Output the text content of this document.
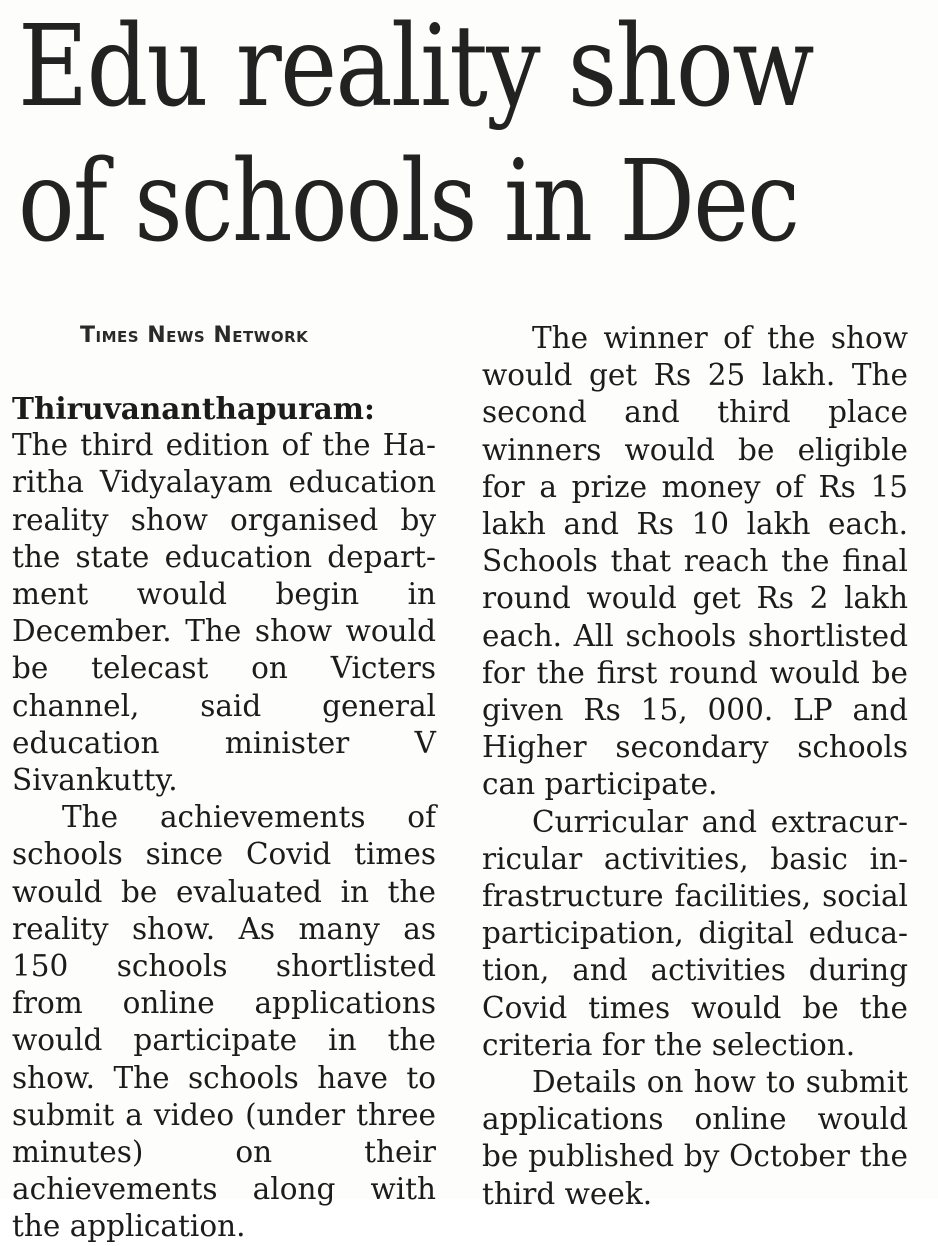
Edu reality show
of schools in Dec

Times News Network

Thiruvananthapuram:
The third edition of the Haritha Vidyalayam education reality show organised by the state education department would begin in December. The show would be telecast on Victers channel, said general education minister V Sivankutty.

The achievements of schools since Covid times would be evaluated in the reality show. As many as 150 schools shortlisted from online applications would participate in the show. The schools have to submit a video (under three minutes) on their achievements along with the application.

The winner of the show would get Rs 25 lakh. The second and third place winners would be eligible for a prize money of Rs 15 lakh and Rs 10 lakh each. Schools that reach the final round would get Rs 2 lakh each. All schools shortlisted for the first round would be given Rs 15, 000. LP and Higher secondary schools can participate.

Curricular and extracurricular activities, basic infrastructure facilities, social participation, digital education, and activities during Covid times would be the criteria for the selection.

Details on how to submit applications online would be published by October the third week.
